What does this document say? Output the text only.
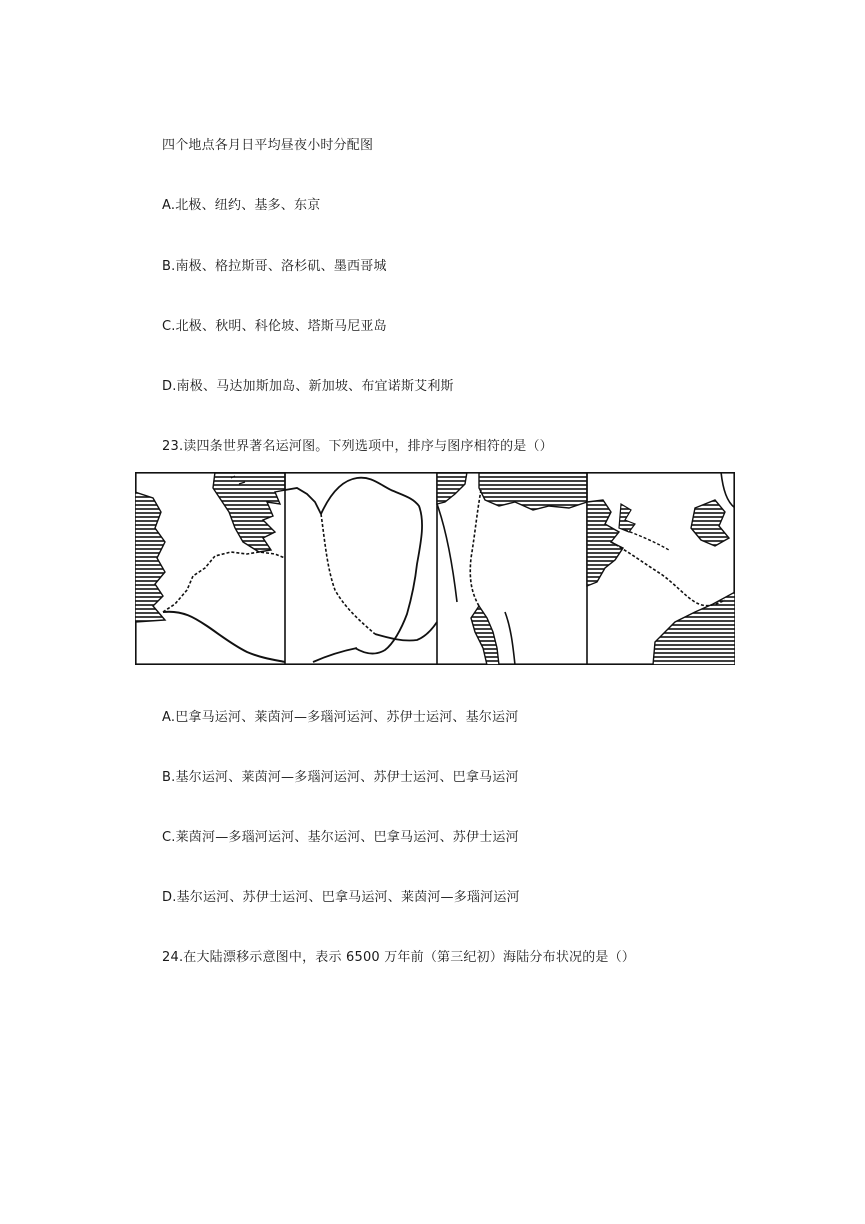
四个地点各月日平均昼夜小时分配图
A.北极、纽约、基多、东京
B.南极、格拉斯哥、洛杉矶、墨西哥城
C.北极、秋明、科伦坡、塔斯马尼亚岛
D.南极、马达加斯加岛、新加坡、布宜诺斯艾利斯
23.读四条世界著名运河图。下列选项中，排序与图序相符的是（）
A.巴拿马运河、莱茵河—多瑙河运河、苏伊士运河、基尔运河
B.基尔运河、莱茵河—多瑙河运河、苏伊士运河、巴拿马运河
C.莱茵河—多瑙河运河、基尔运河、巴拿马运河、苏伊士运河
D.基尔运河、苏伊士运河、巴拿马运河、莱茵河—多瑙河运河
24.在大陆漂移示意图中，表示 6500 万年前（第三纪初）海陆分布状况的是（）
